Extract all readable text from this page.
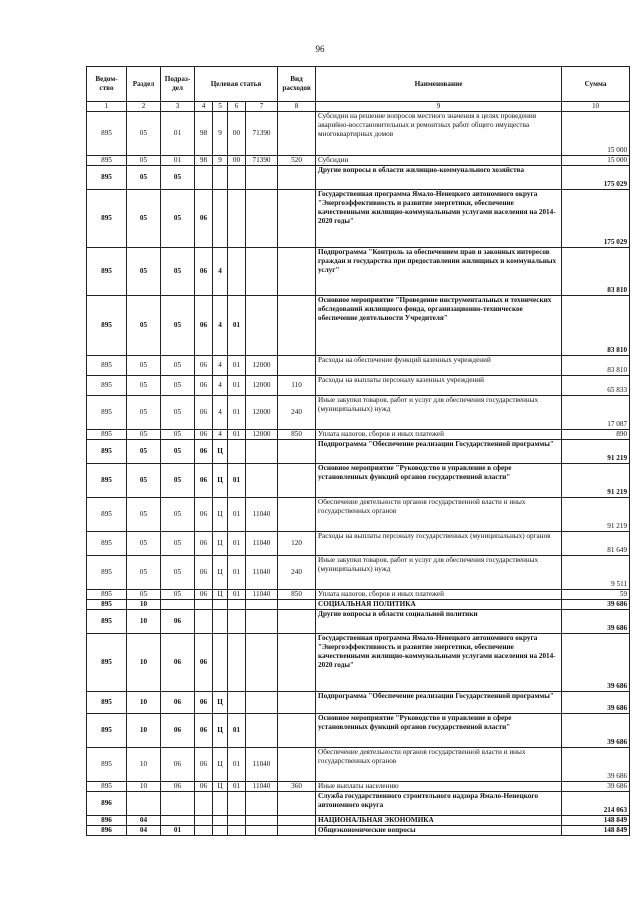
96
Ведом-ство	Раздел	Подраз-дел	Целевая статья				Вид расходов	Наименование	Сумма
1	2	3	4	5	6	7	8	9	10
895	05	01	98	9	00	71390		Субсидии на решение вопросов местного значения в целях проведения аварийно-восстановительных и ремонтных работ общего имущества многоквартирных домов	15 000
895	05	01	98	9	00	71390	520	Субсидии	15 000
895	05	05						Другие вопросы в области жилищно-коммунального хозяйства	175 029
895	05	05	06					Государственная программа Ямало-Ненецкого автономного округа "Энергоэффективность и развитие энергетики, обеспечение качественными жилищно-коммунальными услугами населения на 2014-2020 годы"	175 029
895	05	05	06	4				Подпрограмма "Контроль за обеспечением прав и законных интересов граждан и государства при предоставлении жилищных и коммунальных услуг"	83 810
895	05	05	06	4	01			Основное мероприятие "Проведение инструментальных и технических обследований жилищного фонда, организационно-техническое обеспечение деятельности Учредителя"	83 810
895	05	05	06	4	01	12000		Расходы на обеспечение функций казенных учреждений	83 810
895	05	05	06	4	01	12000	110	Расходы на выплаты персоналу казенных учреждений	65 833
895	05	05	06	4	01	12000	240	Иные закупки товаров, работ и услуг для обеспечения государственных (муниципальных) нужд	17 087
895	05	05	06	4	01	12000	850	Уплата налогов, сборов и иных платежей	890
895	05	05	06	Ц				Подпрограмма "Обеспечение реализации Государственной программы"	91 219
895	05	05	06	Ц	01			Основное мероприятие "Руководство и управление в сфере установленных функций органов государственной власти"	91 219
895	05	05	06	Ц	01	11040		Обеспечение деятельности органов государственной власти и иных государственных органов	91 219
895	05	05	06	Ц	01	11040	120	Расходы на выплаты персоналу государственных (муниципальных) органов	81 649
895	05	05	06	Ц	01	11040	240	Иные закупки товаров, работ и услуг для обеспечения государственных (муниципальных) нужд	9 511
895	05	05	06	Ц	01	11040	850	Уплата налогов, сборов и иных платежей	59
895	10							СОЦИАЛЬНАЯ ПОЛИТИКА	39 686
895	10	06						Другие вопросы в области социальной политики	39 686
895	10	06	06					Государственная программа Ямало-Ненецкого автономного округа "Энергоэффективность и развитие энергетики, обеспечение качественными жилищно-коммунальными услугами населения на 2014-2020 годы"	39 686
895	10	06	06	Ц				Подпрограмма "Обеспечение реализации Государственной программы"	39 686
895	10	06	06	Ц	01			Основное мероприятие "Руководство и управление в сфере установленных функций органов государственной власти"	39 686
895	10	06	06	Ц	01	11040		Обеспечение деятельности органов государственной власти и иных государственных органов	39 686
895	10	06	06	Ц	01	11040	360	Иные выплаты населению	39 686
896								Служба государственного строительного надзора Ямало-Ненецкого автономного округа	214 063
896	04							НАЦИОНАЛЬНАЯ ЭКОНОМИКА	148 849
896	04	01						Общеэкономические вопросы	148 849
